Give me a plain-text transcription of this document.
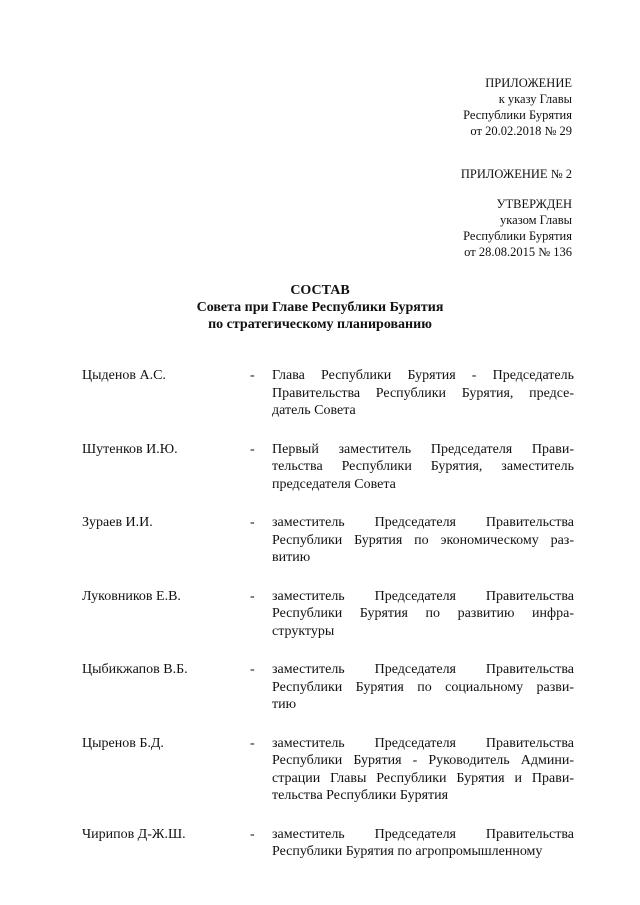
ПРИЛОЖЕНИЕ
к указу Главы
Республики Бурятия
от 20.02.2018 № 29
ПРИЛОЖЕНИЕ № 2
УТВЕРЖДЕН
указом Главы
Республики Бурятия
от 28.08.2015 № 136
СОСТАВ
Совета при Главе Республики Бурятия
по стратегическому планированию
Цыденов А.С.	- Глава Республики Бурятия - Председатель
Правительства Республики Бурятия, предсе-
датель Совета
Шутенков И.Ю.	- Первый заместитель Председателя Прави-
тельства Республики Бурятия, заместитель
председателя Совета
Зураев И.И.	- заместитель Председателя Правительства
Республики Бурятия по экономическому раз-
витию
Луковников Е.В.	- заместитель Председателя Правительства
Республики Бурятия по развитию инфра-
структуры
Цыбикжапов В.Б.	- заместитель Председателя Правительства
Республики Бурятия по социальному разви-
тию
Цыренов Б.Д.	- заместитель Председателя Правительства
Республики Бурятия - Руководитель Админи-
страции Главы Республики Бурятия и Прави-
тельства Республики Бурятия
Чирипов Д-Ж.Ш.	- заместитель Председателя Правительства
Республики Бурятия по агропромышленному
